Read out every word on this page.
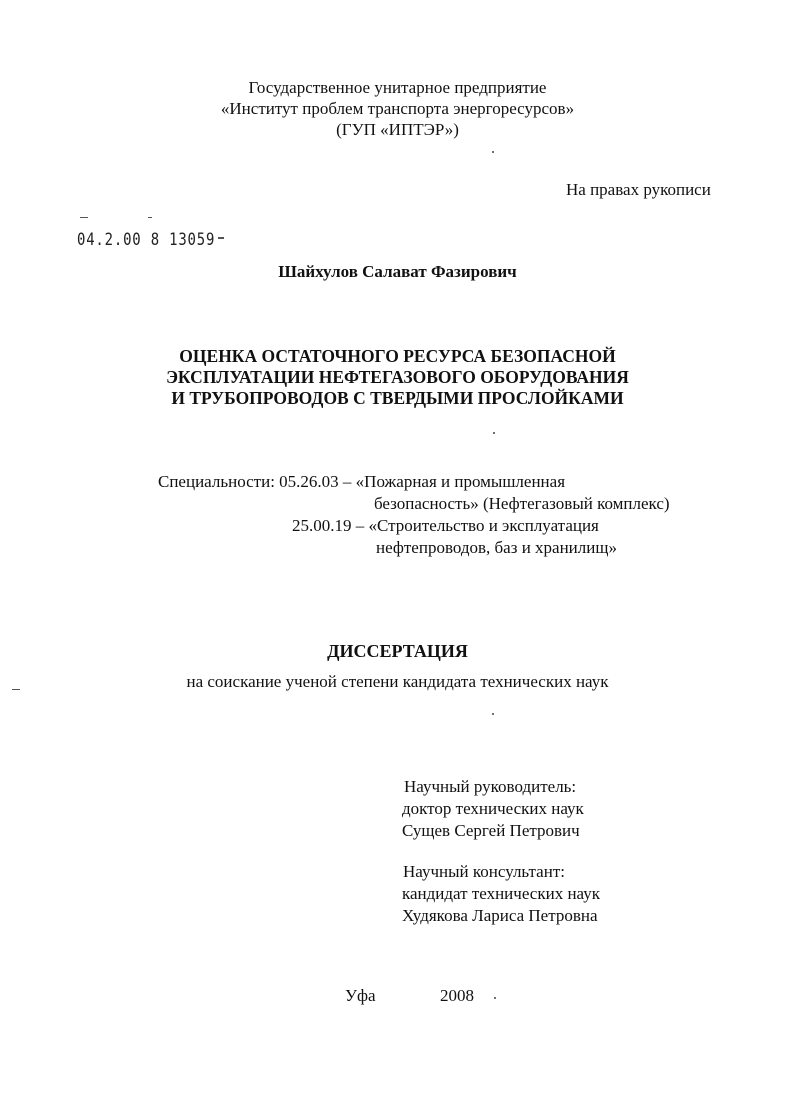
Государственное унитарное предприятие
«Институт проблем транспорта энергоресурсов»
(ГУП «ИПТЭР»)
На правах рукописи
04.2.00 8 13059
Шайхулов Салават Фазирович
ОЦЕНКА ОСТАТОЧНОГО РЕСУРСА БЕЗОПАСНОЙ
ЭКСПЛУАТАЦИИ НЕФТЕГАЗОВОГО ОБОРУДОВАНИЯ
И ТРУБОПРОВОДОВ С ТВЕРДЫМИ ПРОСЛОЙКАМИ
Специальности: 05.26.03 – «Пожарная и промышленная
безопасность» (Нефтегазовый комплекс)
25.00.19 – «Строительство и эксплуатация
нефтепроводов, баз и хранилищ»
ДИССЕРТАЦИЯ
на соискание ученой степени кандидата технических наук
Научный руководитель:
доктор технических наук
Сущев Сергей Петрович
Научный консультант:
кандидат технических наук
Худякова Лариса Петровна
Уфа	2008
